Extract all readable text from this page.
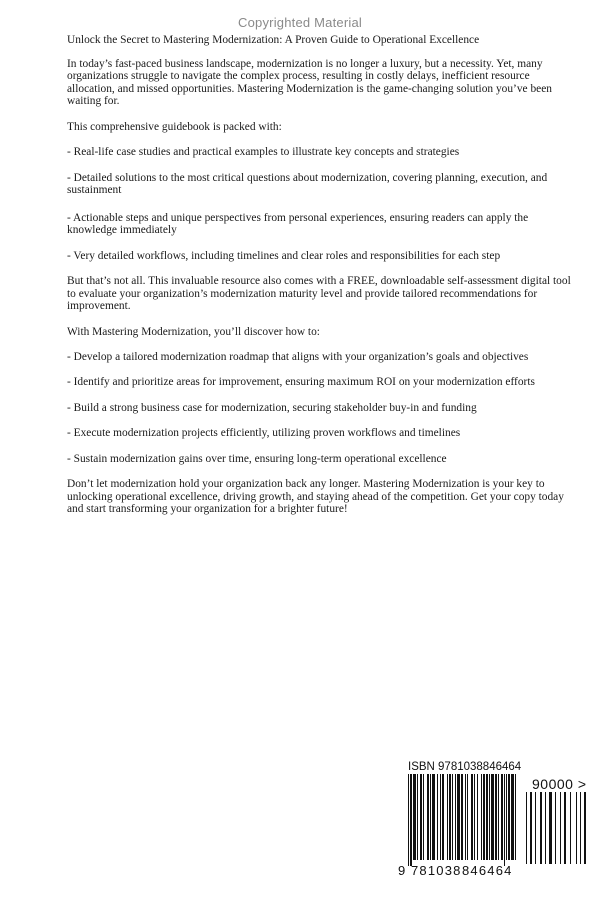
Copyrighted Material

Unlock the Secret to Mastering Modernization: A Proven Guide to Operational Excellence

In today’s fast-paced business landscape, modernization is no longer a luxury, but a necessity. Yet, many organizations struggle to navigate the complex process, resulting in costly delays, inefficient resource allocation, and missed opportunities. Mastering Modernization is the game-changing solution you’ve been waiting for.

This comprehensive guidebook is packed with:

- Real-life case studies and practical examples to illustrate key concepts and strategies

- Detailed solutions to the most critical questions about modernization, covering planning, execution, and sustainment

- Actionable steps and unique perspectives from personal experiences, ensuring readers can apply the knowledge immediately

- Very detailed workflows, including timelines and clear roles and responsibilities for each step

But that’s not all. This invaluable resource also comes with a FREE, downloadable self-assessment digital tool to evaluate your organization’s modernization maturity level and provide tailored recommendations for improvement.

With Mastering Modernization, you’ll discover how to:

- Develop a tailored modernization roadmap that aligns with your organization’s goals and objectives

- Identify and prioritize areas for improvement, ensuring maximum ROI on your modernization efforts

- Build a strong business case for modernization, securing stakeholder buy-in and funding

- Execute modernization projects efficiently, utilizing proven workflows and timelines

- Sustain modernization gains over time, ensuring long-term operational excellence

Don’t let modernization hold your organization back any longer. Mastering Modernization is your key to unlocking operational excellence, driving growth, and staying ahead of the competition. Get your copy today and start transforming your organization for a brighter future!

ISBN 9781038846464
90000 >
9 781038 846464
